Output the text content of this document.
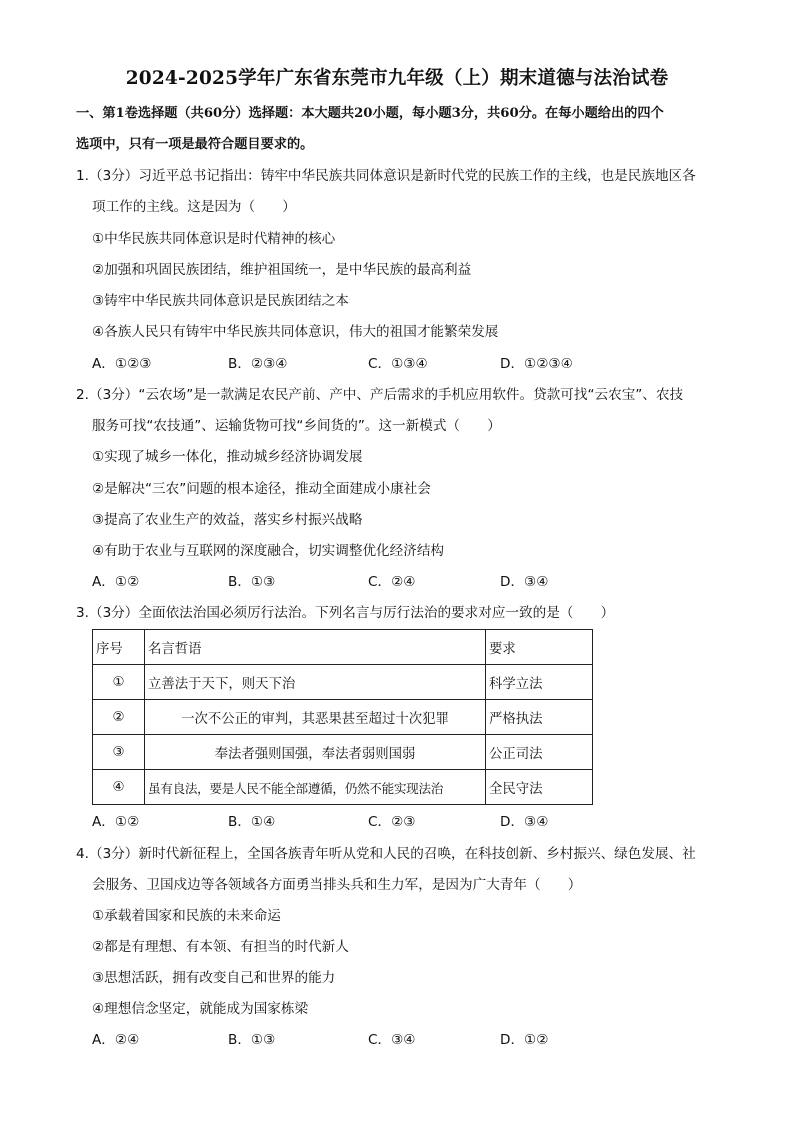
2024-2025学年广东省东莞市九年级（上）期末道德与法治试卷
一、第1卷选择题（共60分）选择题：本大题共20小题，每小题3分，共60分。在每小题给出的四个
选项中，只有一项是最符合题目要求的。
1.（3分）习近平总书记指出：铸牢中华民族共同体意识是新时代党的民族工作的主线，也是民族地区各
项工作的主线。这是因为（　　）
①中华民族共同体意识是时代精神的核心
②加强和巩固民族团结，维护祖国统一，是中华民族的最高利益
③铸牢中华民族共同体意识是民族团结之本
④各族人民只有铸牢中华民族共同体意识，伟大的祖国才能繁荣发展
A．①②③	B．②③④	C．①③④	D．①②③④
2.（3分）“云农场”是一款满足农民产前、产中、产后需求的手机应用软件。贷款可找“云农宝”、农技
服务可找“农技通”、运输货物可找“乡间货的”。这一新模式（　　）
①实现了城乡一体化，推动城乡经济协调发展
②是解决“三农”问题的根本途径，推动全面建成小康社会
③提高了农业生产的效益，落实乡村振兴战略
④有助于农业与互联网的深度融合，切实调整优化经济结构
A．①②	B．①③	C．②④	D．③④
3.（3分）全面依法治国必须厉行法治。下列名言与厉行法治的要求对应一致的是（　　）
序号	名言哲语	要求
①	立善法于天下，则天下治	科学立法
②	一次不公正的审判，其恶果甚至超过十次犯罪	严格执法
③	奉法者强则国强，奉法者弱则国弱	公正司法
④	虽有良法，要是人民不能全部遵循，仍然不能实现法治	全民守法
A．①②	B．①④	C．②③	D．③④
4.（3分）新时代新征程上，全国各族青年听从党和人民的召唤，在科技创新、乡村振兴、绿色发展、社
会服务、卫国戍边等各领域各方面勇当排头兵和生力军，是因为广大青年（　　）
①承载着国家和民族的未来命运
②都是有理想、有本领、有担当的时代新人
③思想活跃，拥有改变自己和世界的能力
④理想信念坚定，就能成为国家栋梁
A．②④	B．①③	C．③④	D．①②
